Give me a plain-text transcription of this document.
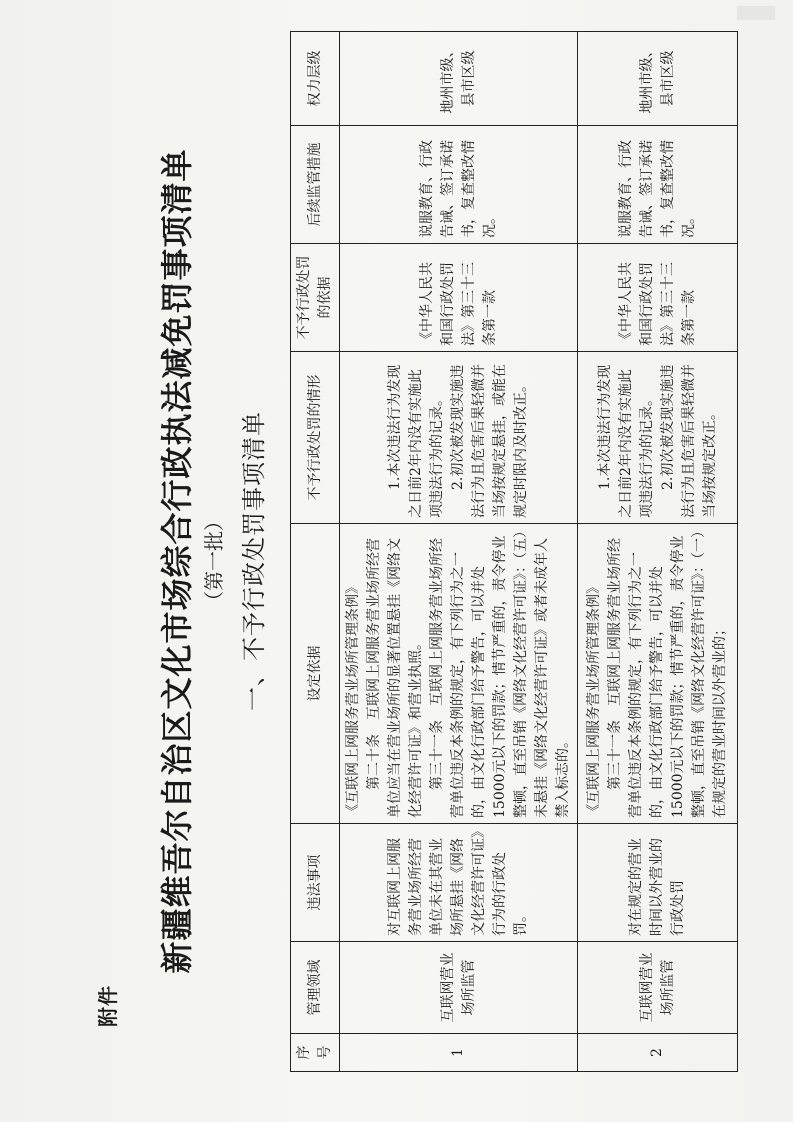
附件
新疆维吾尔自治区文化市场综合行政执法减免罚事项清单 （第一批） 一、不予行政处罚事项清单
序号	管理领域	违法事项	设定依据	不予行政处罚的情形	不予行政处罚的依据	后续监管措施	权力层级
1	互联网营业场所监管	对互联网上网服务营业场所经营单位未在其营业场所悬挂《网络文化经营许可证》行为的行政处罚。	《互联网上网服务营业场所管理条例》 第二十条　互联网上网服务营业场所经营单位应当在营业场所的显著位置悬挂《网络文化经营许可证》和营业执照。 第三十一条　互联网上网服务营业场所经营单位违反本条例的规定，有下列行为之一的，由文化行政部门给予警告，可以并处15000元以下的罚款；情节严重的，责令停业整顿，直至吊销《网络文化经营许可证》：（五）未悬挂《网络文化经营许可证》或者未成年人禁入标志的。	1.本次违法行为发现之日前2年内没有实施此项违法行为的记录。 2.初次被发现实施违法行为且危害后果轻微并当场按规定悬挂，或能在规定时限内及时改正。	《中华人民共和国行政处罚法》第三十三条第一款	说服教育、行政告诫、签订承诺书，复查整改情况。	地州市级、县市区级
2	互联网营业场所监管	对在规定的营业时间以外营业的行政处罚	《互联网上网服务营业场所管理条例》 第三十一条　互联网上网服务营业场所经营单位违反本条例的规定，有下列行为之一的，由文化行政部门给予警告，可以并处15000元以下的罚款；情节严重的，责令停业整顿，直至吊销《网络文化经营许可证》：（一）在规定的营业时间以外营业的；	1.本次违法行为发现之日前2年内没有实施此项违法行为的记录。 2.初次被发现实施违法行为且危害后果轻微并当场按规定改正。	《中华人民共和国行政处罚法》第三十三条第一款	说服教育、行政告诫、签订承诺书，复查整改情况。	地州市级、县市区级
